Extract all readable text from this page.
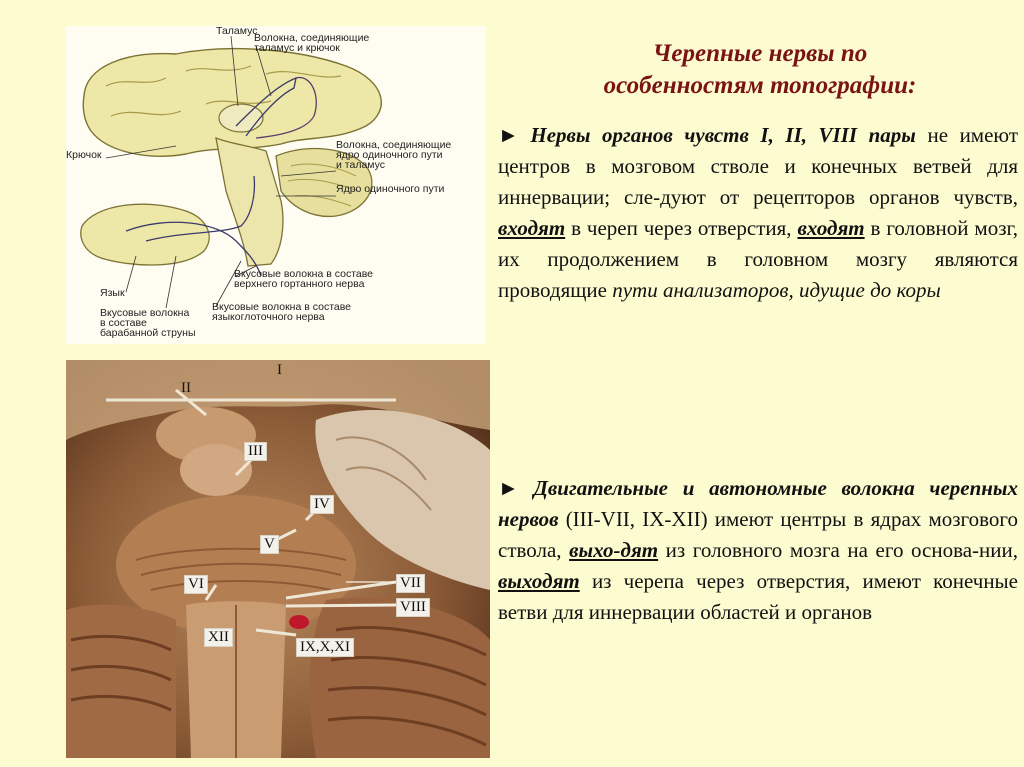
Таламус
Волокна, соединяющие
таламус и крючок
Крючок
Волокна, соединяющие
ядро одиночного пути
и таламус
Ядро одиночного пути
Вкусовые волокна в составе
верхнего гортанного нерва
Язык
Вкусовые волокна
в составе
барабанной струны
Вкусовые волокна в составе
языкоглоточного нерва
I
II
III
IV
V
VI	VII
VIII
XII
IX,X,XI
Черепные нервы по
особенностям топографии:
► Нервы органов чувств I, II, VIII пары не имеют центров в мозговом стволе и конечных ветвей для иннервации; сле-дуют от рецепторов органов чувств, входят в череп через отверстия, входят в головной мозг, их продолжением в головном мозгу являются проводящие пути анализаторов, идущие до коры
► Двигательные и автономные волокна черепных нервов (III-VII, IX-XII) имеют центры в ядрах мозгового ствола, выхо-дят из головного мозга на его основа-нии, выходят из черепа через отверстия, имеют конечные ветви для иннервации областей и органов
